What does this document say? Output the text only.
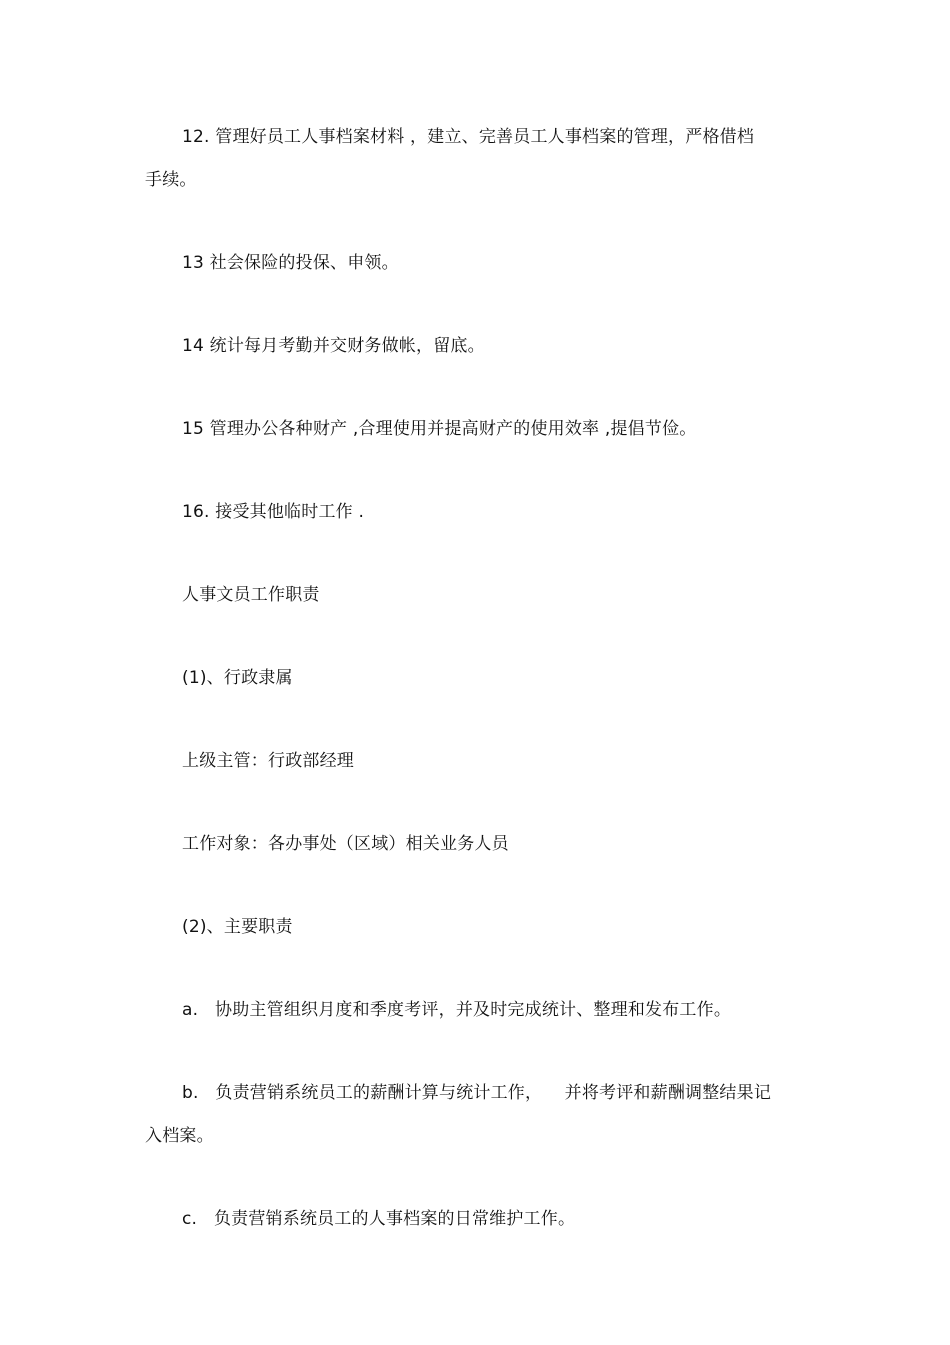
12. 管理好员工人事档案材料 ，建立、完善员工人事档案的管理，严格借档
手续。
13 社会保险的投保、申领。
14 统计每月考勤并交财务做帐，留底。
15 管理办公各种财产 ,合理使用并提高财产的使用效率 ,提倡节俭。
16. 接受其他临时工作 .
人事文员工作职责
(1)、行政隶属
上级主管：行政部经理
工作对象：各办事处（区域）相关业务人员
(2)、主要职责
a.   协助主管组织月度和季度考评，并及时完成统计、整理和发布工作。
b.   负责营销系统员工的薪酬计算与统计工作，    并将考评和薪酬调整结果记
入档案。
c.   负责营销系统员工的人事档案的日常维护工作。
